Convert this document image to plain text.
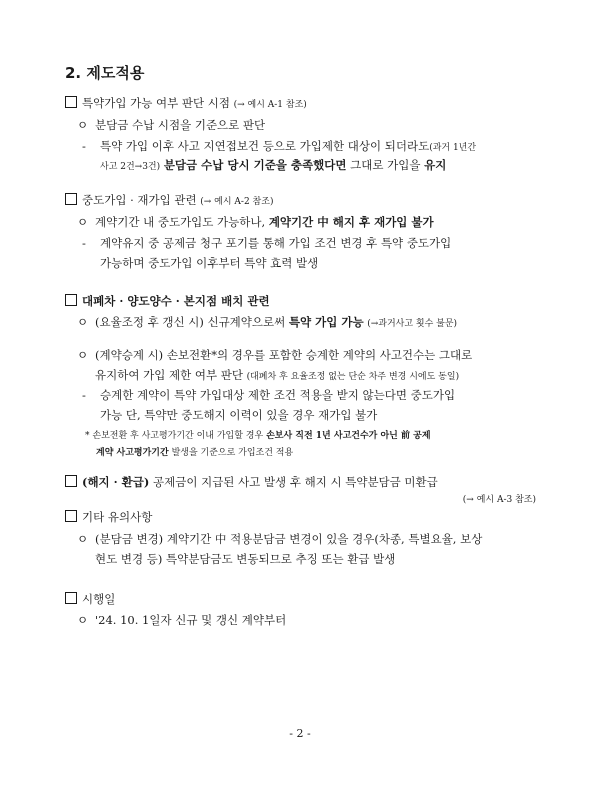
2. 제도적용
특약가입 가능 여부 판단 시점 (→ 예시 A-1 참조)
ㅇ 분담금 수납 시점을 기준으로 판단
- 특약 가입 이후 사고 지연접보건 등으로 가입제한 대상이 되더라도(과거 1년간
사고 2건→3건) 분담금 수납 당시 기준을 충족했다면 그대로 가입을 유지
중도가입 · 재가입 관련 (→ 예시 A-2 참조)
ㅇ 계약기간 내 중도가입도 가능하나, 계약기간 中 해지 후 재가입 불가
- 계약유지 중 공제금 청구 포기를 통해 가입 조건 변경 후 특약 중도가입
가능하며 중도가입 이후부터 특약 효력 발생
대폐차 · 양도양수 · 본지점 배치 관련
ㅇ (요율조정 후 갱신 시) 신규계약으로써 특약 가입 가능 (→과거사고 횟수 불문)
ㅇ (계약승계 시) 손보전환*의 경우를 포함한 승계한 계약의 사고건수는 그대로
유지하여 가입 제한 여부 판단 (대폐차 후 요율조정 없는 단순 차주 변경 시에도 동일)
- 승계한 계약이 특약 가입대상 제한 조건 적용을 받지 않는다면 중도가입
가능 단, 특약만 중도해지 이력이 있을 경우 재가입 불가
* 손보전환 후 사고평가기간 이내 가입할 경우 손보사 직전 1년 사고건수가 아닌 前 공제
계약 사고평가기간 발생을 기준으로 가입조건 적용
(해지 · 환급) 공제금이 지급된 사고 발생 후 해지 시 특약분담금 미환급
(→ 예시 A-3 참조)
기타 유의사항
ㅇ (분담금 변경) 계약기간 中 적용분담금 변경이 있을 경우(차종, 특별요율, 보상
현도 변경 등) 특약분담금도 변동되므로 추징 또는 환급 발생
시행일
ㅇ '24. 10. 1일자 신규 및 갱신 계약부터
- 2 -
